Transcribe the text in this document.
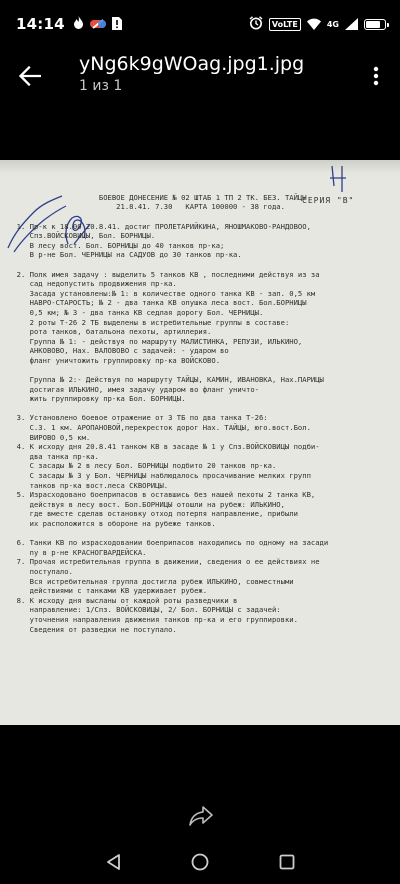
14:14	VoLTE	4G
yNg6k9gWOag.jpg1.jpg
1 из 1
СЕРИЯ "В"

БОЕВОЕ ДОНЕСЕНИЕ № 02 ШТАБ 1 ТП 2 ТК. БЕЗ. ТАЙЦЫ
21.8.41. 7.30   КАРТА 100000 - 38 года.

1. Пр-к к 18.00 20.8.41. достиг ПРОЛЕТАРИЙКИНА, ЯНОШМАКОВО-РАНДОВОО,
Спз.ВОЙСКОВИЦЫ, Бол. БОРНИЦЫ.
В лесу вост. Бол. БОРНИЦЫ до 40 танков пр-ка;
В р-не Бол. ЧЕРНИЦЫ на САДУОВ до 30 танков пр-ка.

2. Полк имея задачу : выделить 5 танков КВ , последними действуя из за
сад недопустить продвижения пр-ка.
Засада установлены:№ 1: в количестве одного танка КВ - зап. 0,5 км
НАВРО-СТАРОСТЬ; № 2 - два танка КВ опушка леса вост. Бол.БОРНИЦЫ
0,5 км; № 3 - два танка КВ седлая дорогу Бол. ЧЕРНИЦЫ.
2 роты Т-26 2 ТБ выделены в истребительные группы в составе:
рота танков, батальона пехоты, артиллерия.
Группа № 1: - действуя по маршруту МАЛИСТИНКА, РЕПУЗИ, ИЛЬКИНО,
АНКОВОВО, Нах. ВАЛОВОВО с задачей: - ударом во
фланг уничтожить группировку пр-ка ВОЙСКОВО.

Группа № 2:- Действуя по маршруту ТАЙЦЫ, КАМИН, ИВАНОВКА, Нах.ПАРИЦЫ
достигая ИЛЬКИНО, имея задачу ударом во фланг уничто-
жить группировку пр-ка Бол. БОРНИЦЫ.

3. Установлено боевое отражение от 3 ТБ по два танка Т-26:
С.З. 1 км. АРОПАНОВОЙ,перекресток дорог Нах. ТАЙЦЫ, югo.вост.Бол.
ВИРОВО 0,5 км.
4. К исходу дня 20.8.41 танком КВ в засаде № 1 у Спз.ВОЙСКОВИЦЫ подби-
два танка пр-ка.
С засады № 2 в лесу Бол. БОРНИЦЫ подбито 20 танков пр-ка.
С засады № 3 у Бол. ЧЕРНИЦЫ наблюдалось просачивание мелких групп
танков пр-ка вост.леса СКВОРИЦЫ.
5. Израсходовано боеприпасов в оставшись без нашей пехоты 2 танка КВ,
действуя в лесу вост. Бол.БОРНИЦЫ отошли на рубеж: ИЛЬКИНО,
где вместе сделав остановку отход потерпя направление, прибыли
их расположится в обороне на рубеже танков.

6. Танки КВ по израсходовании боеприпасов находились по одному на засади
ny в р-не КРАСНОГВАРДЕЙСКА.
7. Прочая истребительная группа в движении, сведения о ее действиях не
поступало.
Вся истребительная группа достигла рубеж ИЛЬКИНО, совместными
действиями с танками КВ удерживает рубеж.
8. К исходу дня высланы от каждой роты разведчики в
направление: 1/Спз. ВОЙСКОВИЦЫ, 2/ Бол. БОРНИЦЫ с задачей:
уточнения направления движения танков пр-ка и его группировки.
Сведения от разведки не поступало.
